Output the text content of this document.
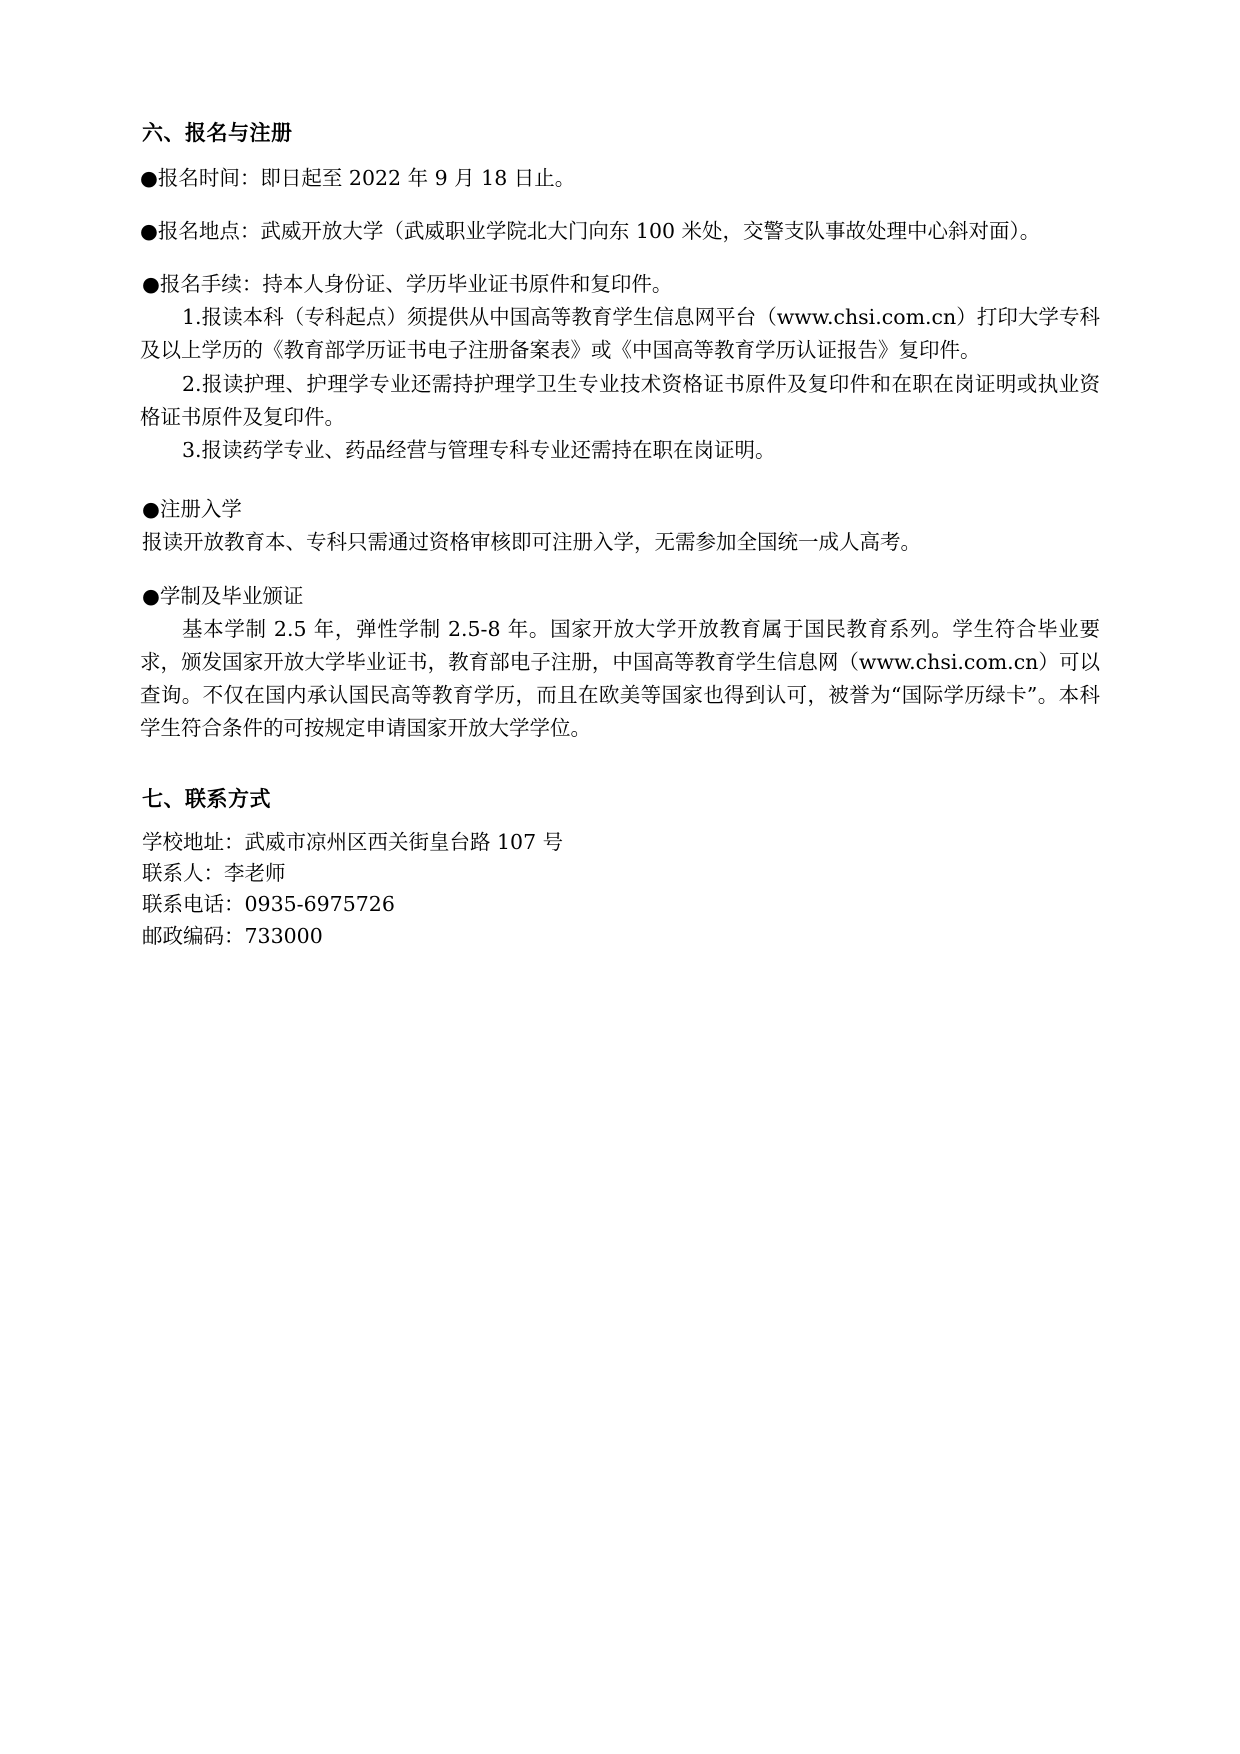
六、报名与注册

●报名时间：即日起至 2022 年 9 月 18 日止。

●报名地点：武威开放大学（武威职业学院北大门向东 100 米处，交警支队事故处理中心斜对面）。

●报名手续：持本人身份证、学历毕业证书原件和复印件。

1.报读本科（专科起点）须提供从中国高等教育学生信息网平台（www.chsi.com.cn）打印大学专科及以上学历的《教育部学历证书电子注册备案表》或《中国高等教育学历认证报告》复印件。

2.报读护理、护理学专业还需持护理学卫生专业技术资格证书原件及复印件和在职在岗证明或执业资格证书原件及复印件。

3.报读药学专业、药品经营与管理专科专业还需持在职在岗证明。

●注册入学

报读开放教育本、专科只需通过资格审核即可注册入学，无需参加全国统一成人高考。

●学制及毕业颁证

基本学制 2.5 年，弹性学制 2.5-8 年。国家开放大学开放教育属于国民教育系列。学生符合毕业要求，颁发国家开放大学毕业证书，教育部电子注册，中国高等教育学生信息网（www.chsi.com.cn）可以查询。不仅在国内承认国民高等教育学历，而且在欧美等国家也得到认可，被誉为“国际学历绿卡”。本科学生符合条件的可按规定申请国家开放大学学位。

七、联系方式

学校地址：武威市凉州区西关街皇台路 107 号

联系人：李老师

联系电话：0935-6975726

邮政编码：733000
